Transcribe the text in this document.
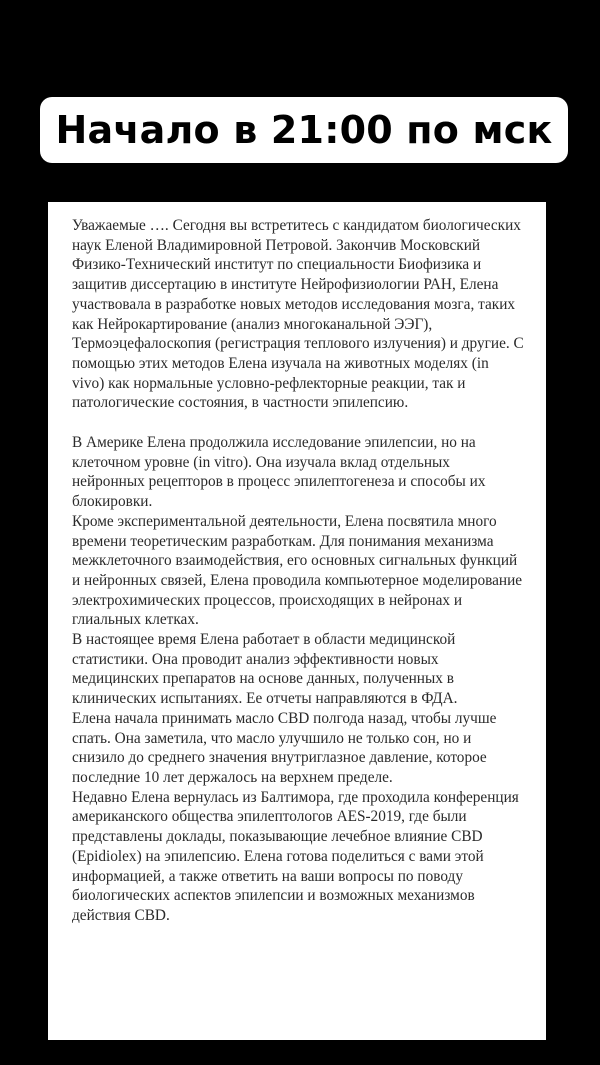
Начало в 21:00 по мск

Уважаемые …. Сегодня вы встретитесь с кандидатом биологических наук Еленой Владимировной Петровой. Закончив Московский Физико-Технический институт по специальности Биофизика и защитив диссертацию в институте Нейрофизиологии РАН, Елена участвовала в разработке новых методов исследования мозга, таких как Нейрокартирование (анализ многоканальной ЭЭГ), Термоэцефалоскопия (регистрация теплового излучения) и другие. С помощью этих методов Елена изучала на животных моделях (in vivo) как нормальные условно-рефлекторные реакции, так и патологические состояния, в частности эпилепсию.

В Америке Елена продолжила исследование эпилепсии, но на клеточном уровне (in vitro). Она изучала вклад отдельных нейронных рецепторов в процесс эпилептогенеза и способы их блокировки.

Кроме экспериментальной деятельности, Елена посвятила много времени теоретическим разработкам. Для понимания механизма межклеточного взаимодействия, его основных сигнальных функций и нейронных связей, Елена проводила компьютерное моделирование электрохимических процессов, происходящих в нейронах и глиальных клетках.

В настоящее время Елена работает в области медицинской статистики. Она проводит анализ эффективности новых медицинских препаратов на основе данных, полученных в клинических испытаниях. Ее отчеты направляются в ФДА.

Елена начала принимать масло CBD полгода назад, чтобы лучше спать. Она заметила, что масло улучшило не только сон, но и снизило до среднего значения внутриглазное давление, которое последние 10 лет держалось на верхнем пределе.

Недавно Елена вернулась из Балтимора, где проходила конференция американского общества эпилептологов AES-2019, где были представлены доклады, показывающие лечебное влияние CBD (Epidiolex) на эпилепсию. Елена готова поделиться с вами этой информацией, а также ответить на ваши вопросы по поводу биологических аспектов эпилепсии и возможных механизмов действия CBD.
